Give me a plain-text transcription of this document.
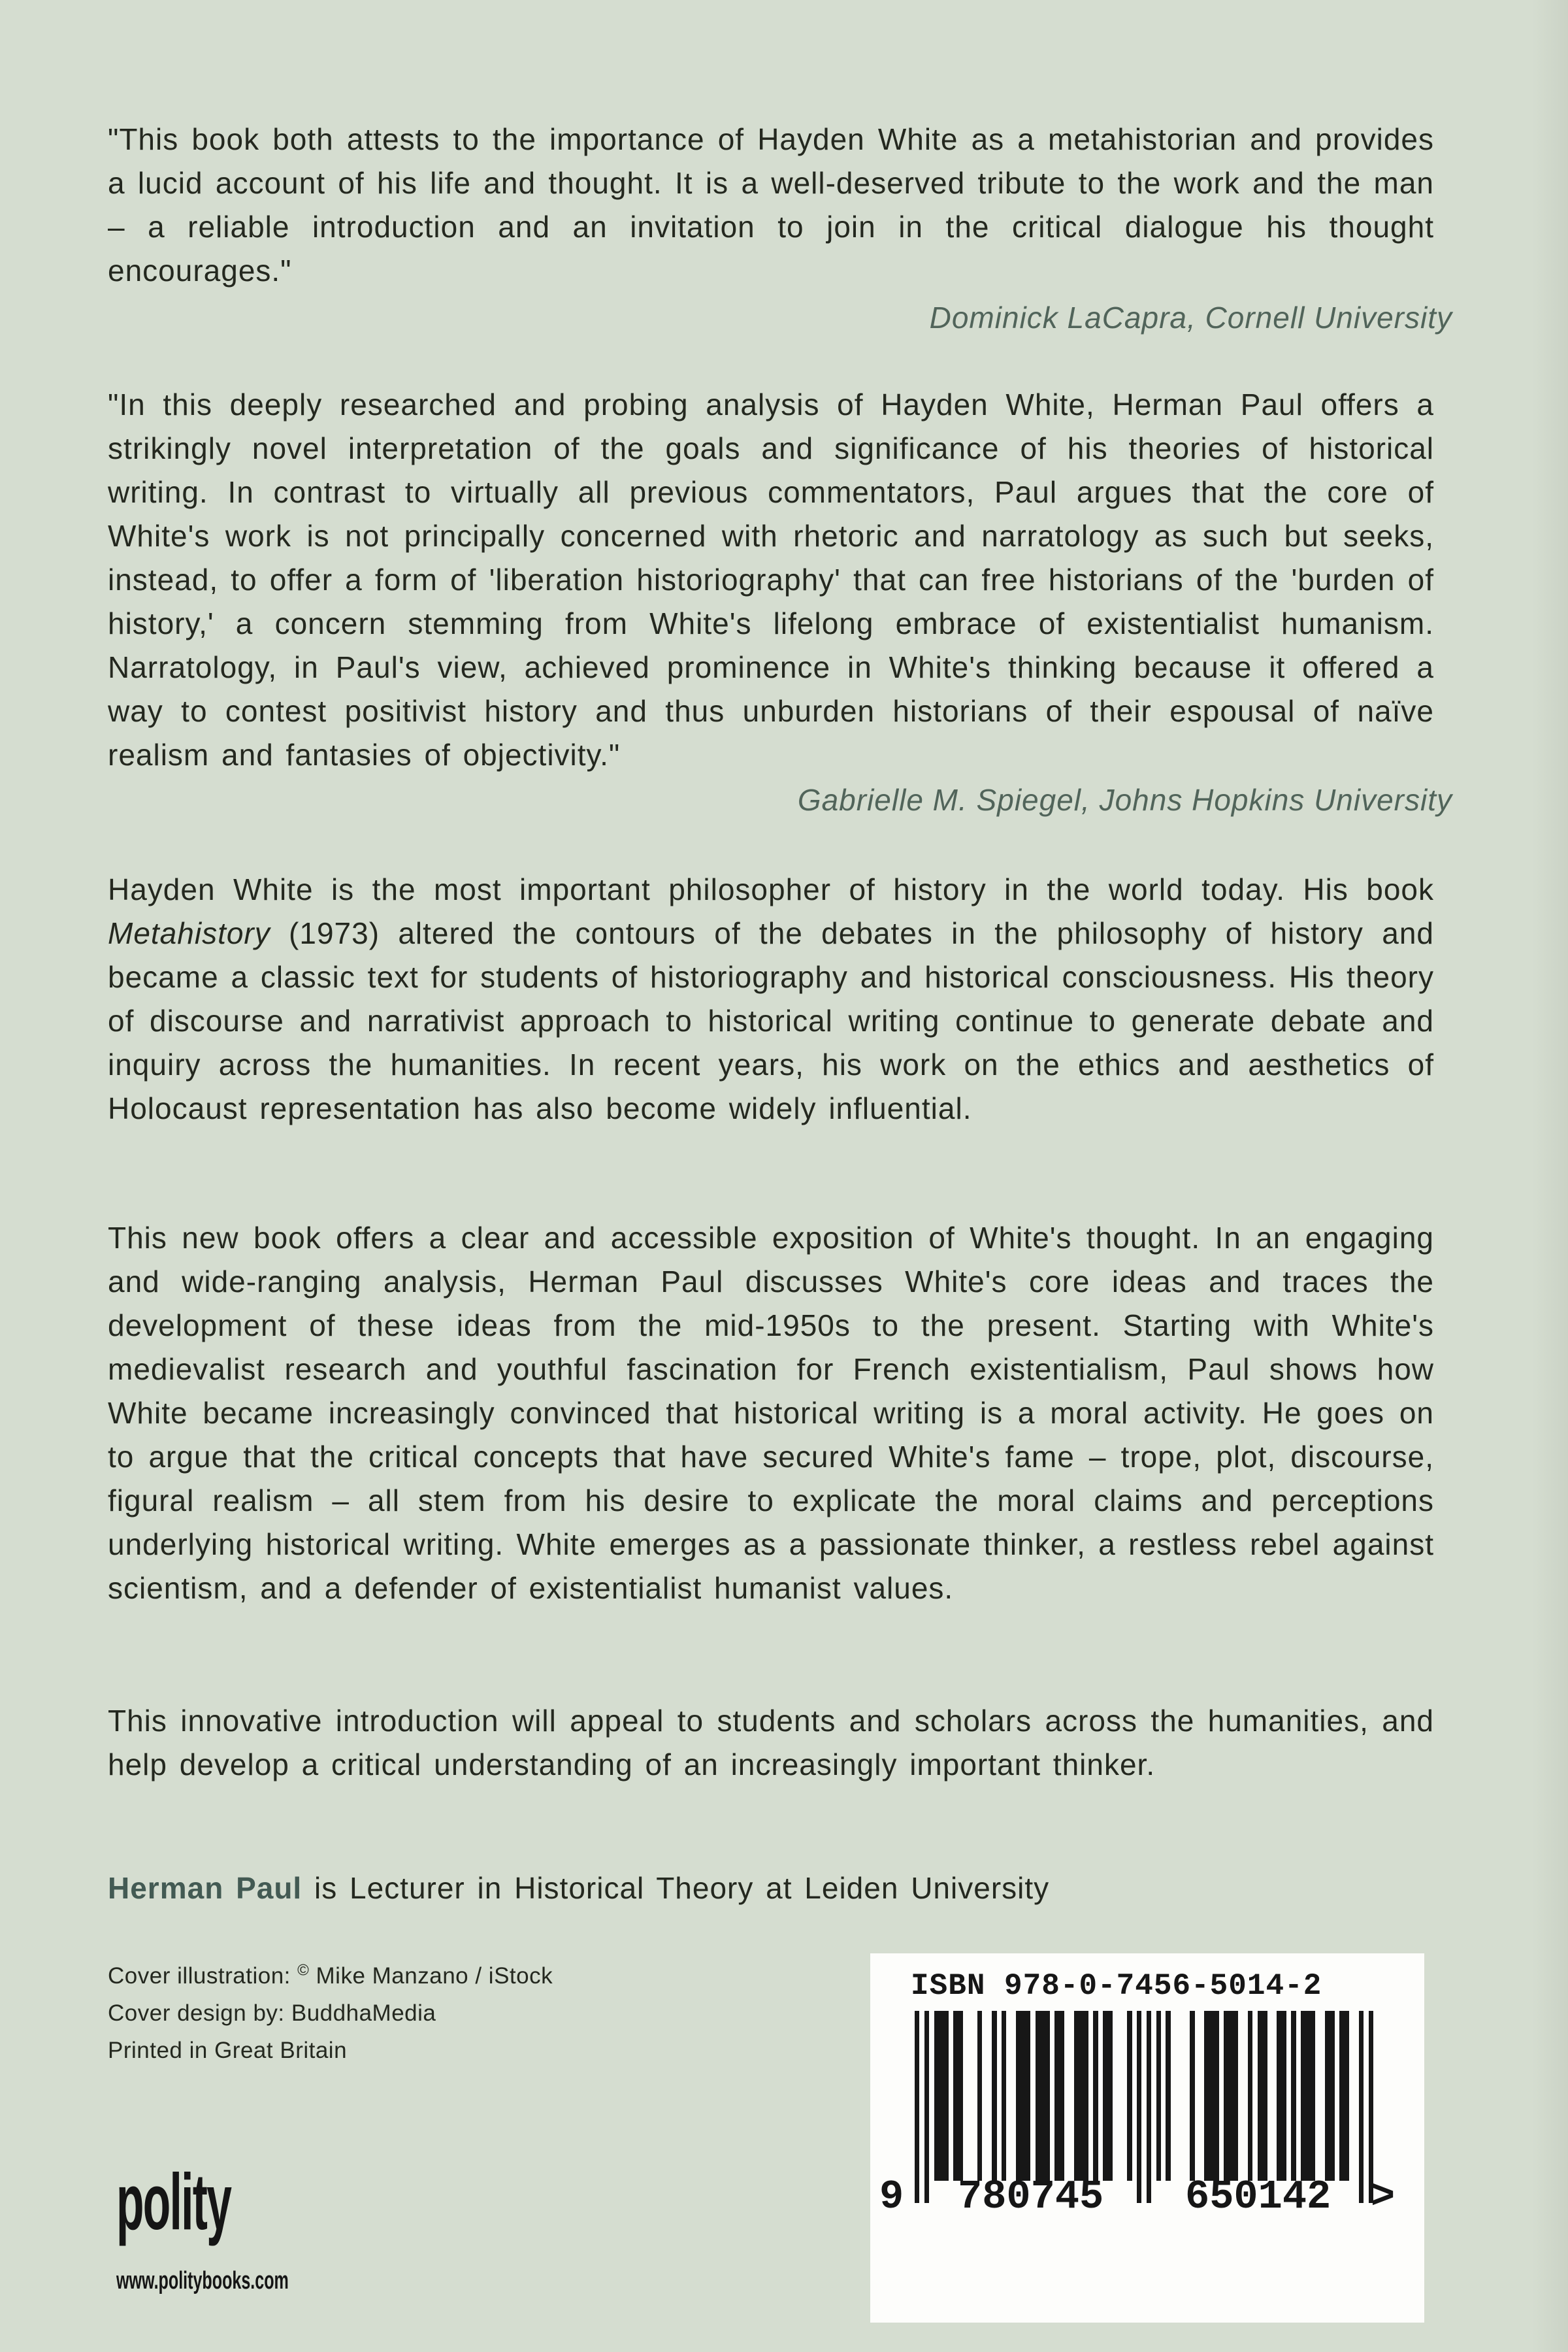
"This book both attests to the importance of Hayden White as a metahistorian and provides a lucid account of his life and thought. It is a well-deserved tribute to the work and the man – a reliable introduction and an invitation to join in the critical dialogue his thought encourages."

Dominick LaCapra, Cornell University

"In this deeply researched and probing analysis of Hayden White, Herman Paul offers a strikingly novel interpretation of the goals and significance of his theories of historical writing. In contrast to virtually all previous commentators, Paul argues that the core of White's work is not principally concerned with rhetoric and narratology as such but seeks, instead, to offer a form of 'liberation historiography' that can free historians of the 'burden of history,' a concern stemming from White's lifelong embrace of existentialist humanism. Narratology, in Paul's view, achieved prominence in White's thinking because it offered a way to contest positivist history and thus unburden historians of their espousal of naïve realism and fantasies of objectivity."

Gabrielle M. Spiegel, Johns Hopkins University

Hayden White is the most important philosopher of history in the world today. His book Metahistory (1973) altered the contours of the debates in the philosophy of history and became a classic text for students of historiography and historical consciousness. His theory of discourse and narrativist approach to historical writing continue to generate debate and inquiry across the humanities. In recent years, his work on the ethics and aesthetics of Holocaust representation has also become widely influential.

This new book offers a clear and accessible exposition of White's thought. In an engaging and wide-ranging analysis, Herman Paul discusses White's core ideas and traces the development of these ideas from the mid-1950s to the present. Starting with White's medievalist research and youthful fascination for French existentialism, Paul shows how White became increasingly convinced that historical writing is a moral activity. He goes on to argue that the critical concepts that have secured White's fame – trope, plot, discourse, figural realism – all stem from his desire to explicate the moral claims and perceptions underlying historical writing. White emerges as a passionate thinker, a restless rebel against scientism, and a defender of existentialist humanist values.

This innovative introduction will appeal to students and scholars across the humanities, and help develop a critical understanding of an increasingly important thinker.

Herman Paul is Lecturer in Historical Theory at Leiden University

Cover illustration: © Mike Manzano / iStock
Cover design by: BuddhaMedia
Printed in Great Britain

polity

www.politybooks.com

ISBN 978-0-7456-5014-2

9 780745 650142 >
